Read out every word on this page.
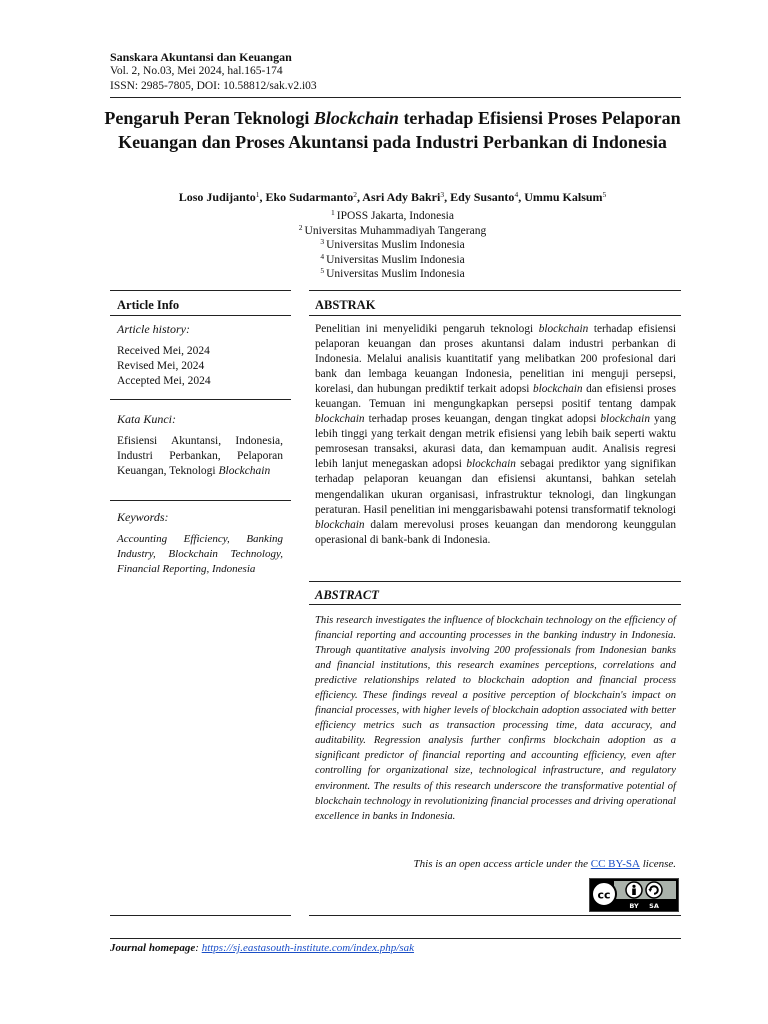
Sanskara Akuntansi dan Keuangan
Vol. 2, No.03, Mei 2024, hal.165-174
ISSN: 2985-7805, DOI: 10.58812/sak.v2.i03
Pengaruh Peran Teknologi Blockchain terhadap Efisiensi Proses Pelaporan Keuangan dan Proses Akuntansi pada Industri Perbankan di Indonesia
Loso Judijanto$^1$, Eko Sudarmanto$^2$, Asri Ady Bakri$^3$, Edy Susanto$^4$, Ummu Kalsum$^5$
$^1$ IPOSS Jakarta, Indonesia
$^2$ Universitas Muhammadiyah Tangerang
$^3$ Universitas Muslim Indonesia
$^4$ Universitas Muslim Indonesia
$^5$ Universitas Muslim Indonesia
Article Info
Article history:
Received Mei, 2024
Revised Mei, 2024
Accepted Mei, 2024
Kata Kunci:
Efisiensi Akuntansi, Indonesia, Industri Perbankan, Pelaporan Keuangan, Teknologi Blockchain
Keywords:
Accounting Efficiency, Banking Industry, Blockchain Technology, Financial Reporting, Indonesia
ABSTRAK
Penelitian ini menyelidiki pengaruh teknologi blockchain terhadap efisiensi pelaporan keuangan dan proses akuntansi dalam industri perbankan di Indonesia. Melalui analisis kuantitatif yang melibatkan 200 profesional dari bank dan lembaga keuangan Indonesia, penelitian ini menguji persepsi, korelasi, dan hubungan prediktif terkait adopsi blockchain dan efisiensi proses keuangan. Temuan ini mengungkapkan persepsi positif tentang dampak blockchain terhadap proses keuangan, dengan tingkat adopsi blockchain yang lebih tinggi yang terkait dengan metrik efisiensi yang lebih baik seperti waktu pemrosesan transaksi, akurasi data, dan kemampuan audit. Analisis regresi lebih lanjut menegaskan adopsi blockchain sebagai prediktor yang signifikan terhadap pelaporan keuangan dan efisiensi akuntansi, bahkan setelah mengendalikan ukuran organisasi, infrastruktur teknologi, dan lingkungan peraturan. Hasil penelitian ini menggarisbawahi potensi transformatif teknologi blockchain dalam merevolusi proses keuangan dan mendorong keunggulan operasional di bank-bank di Indonesia.
ABSTRACT
This research investigates the influence of blockchain technology on the efficiency of financial reporting and accounting processes in the banking industry in Indonesia. Through quantitative analysis involving 200 professionals from Indonesian banks and financial institutions, this research examines perceptions, correlations and predictive relationships related to blockchain adoption and financial process efficiency. These findings reveal a positive perception of blockchain's impact on financial processes, with higher levels of blockchain adoption associated with better efficiency metrics such as transaction processing time, data accuracy, and auditability. Regression analysis further confirms blockchain adoption as a significant predictor of financial reporting and accounting efficiency, even after controlling for organizational size, technological infrastructure, and regulatory environment. The results of this research underscore the transformative potential of blockchain technology in revolutionizing financial processes and driving operational excellence in banks in Indonesia.
This is an open access article under the CC BY-SA license.
cc
BY SA
Journal homepage: https://sj.eastasouth-institute.com/index.php/sak
